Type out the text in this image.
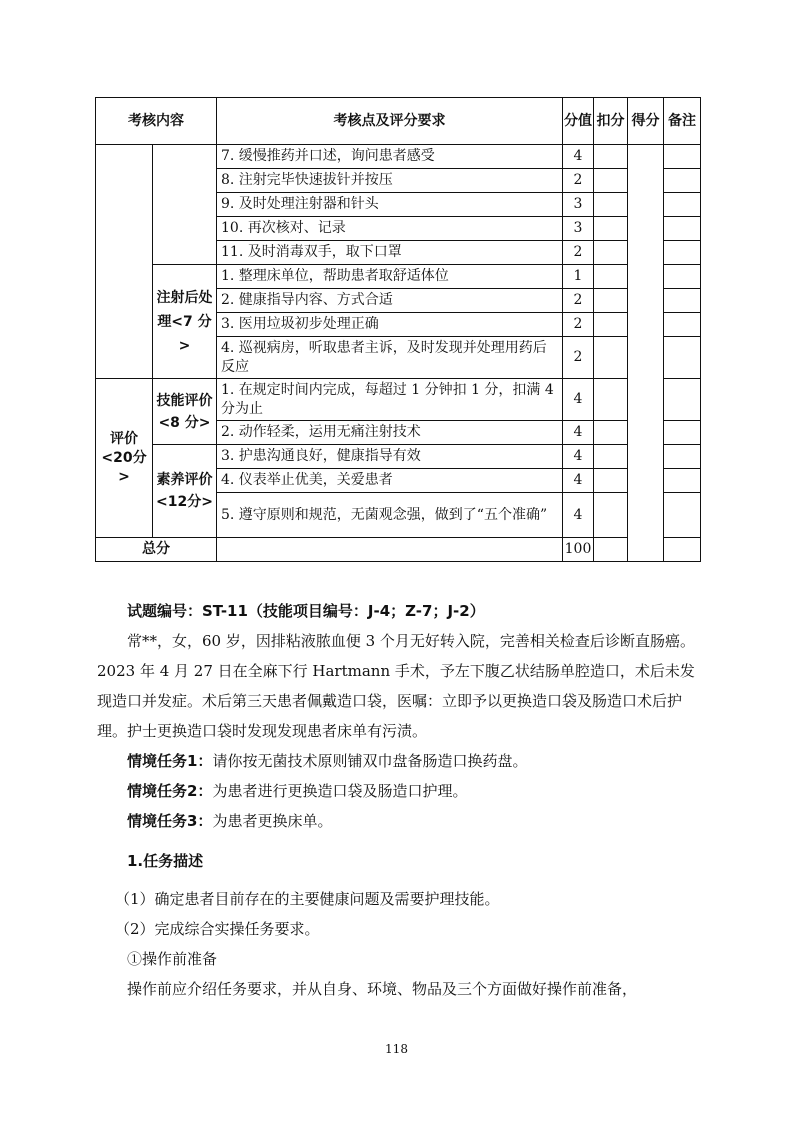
考核内容		考核点及评分要求	分值	扣分	得分	备注
		7. 缓慢推药并口述，询问患者感受	4			
		8. 注射完毕快速拔针并按压	2			
		9. 及时处理注射器和针头	3			
		10. 再次核对、记录	3			
		11. 及时消毒双手，取下口罩	2			
	注射后处理<7 分>	1. 整理床单位，帮助患者取舒适体位	1			
		2. 健康指导内容、方式合适	2			
		3. 医用垃圾初步处理正确	2			
		4. 巡视病房，听取患者主诉，及时发现并处理用药后反应	2			
评价<20分>	技能评价<8 分>	1. 在规定时间内完成，每超过 1 分钟扣 1 分，扣满 4 分为止	4			
		2. 动作轻柔，运用无痛注射技术	4			
	素养评价<12分>	3. 护患沟通良好，健康指导有效	4			
		4. 仪表举止优美，关爱患者	4			
		5. 遵守原则和规范，无菌观念强，做到了“五个准确”	4			
总分			100			

试题编号：ST-11（技能项目编号：J-4；Z-7；J-2）

常**，女，60 岁，因排粘液脓血便 3 个月无好转入院，完善相关检查后诊断直肠癌。2023 年 4 月 27 日在全麻下行 Hartmann 手术，予左下腹乙状结肠单腔造口，术后未发现造口并发症。术后第三天患者佩戴造口袋，医嘱：立即予以更换造口袋及肠造口术后护理。护士更换造口袋时发现发现患者床单有污渍。

情境任务1：请你按无菌技术原则铺双巾盘备肠造口换药盘。

情境任务2：为患者进行更换造口袋及肠造口护理。

情境任务3：为患者更换床单。

1.任务描述

（1）确定患者目前存在的主要健康问题及需要护理技能。

（2）完成综合实操任务要求。

①操作前准备

操作前应介绍任务要求，并从自身、环境、物品及三个方面做好操作前准备，

118
